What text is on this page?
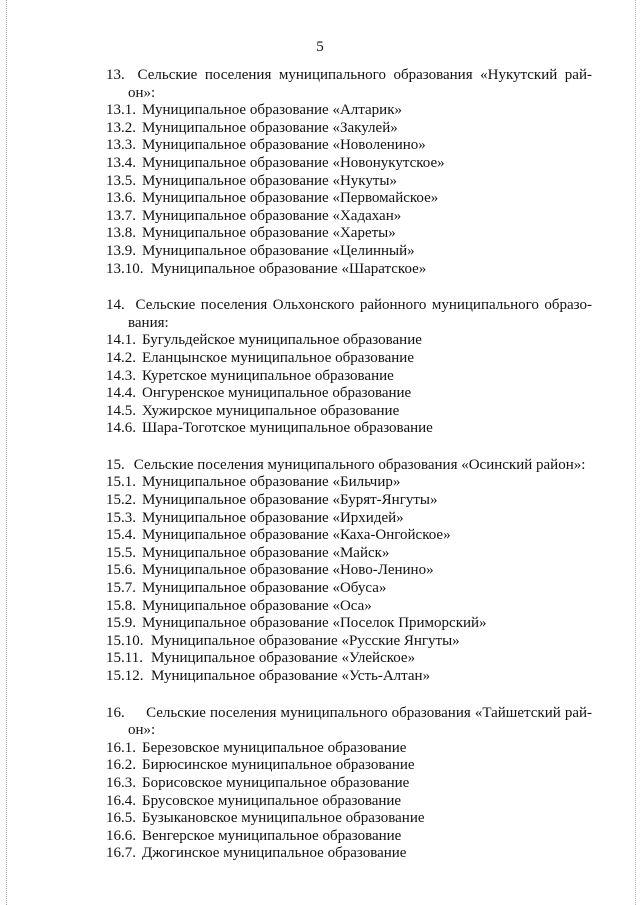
5
13. Сельские поселения муниципального образования «Нукутский рай-
он»:
13.1. Муниципальное образование «Алтарик»
13.2. Муниципальное образование «Закулей»
13.3. Муниципальное образование «Новоленино»
13.4. Муниципальное образование «Новонукутское»
13.5. Муниципальное образование «Нукуты»
13.6. Муниципальное образование «Первомайское»
13.7. Муниципальное образование «Хадахан»
13.8. Муниципальное образование «Хареты»
13.9. Муниципальное образование «Целинный»
13.10. Муниципальное образование «Шаратское»
14. Сельские поселения Ольхонского районного муниципального образо-
вания:
14.1. Бугульдейское муниципальное образование
14.2. Еланцынское муниципальное образование
14.3. Куретское муниципальное образование
14.4. Онгуренское муниципальное образование
14.5. Хужирское муниципальное образование
14.6. Шара-Тоготское муниципальное образование
15. Сельские поселения муниципального образования «Осинский район»:
15.1. Муниципальное образование «Бильчир»
15.2. Муниципальное образование «Бурят-Янгуты»
15.3. Муниципальное образование «Ирхидей»
15.4. Муниципальное образование «Каха-Онгойское»
15.5. Муниципальное образование «Майск»
15.6. Муниципальное образование «Ново-Ленино»
15.7. Муниципальное образование «Обуса»
15.8. Муниципальное образование «Оса»
15.9. Муниципальное образование «Поселок Приморский»
15.10. Муниципальное образование «Русские Янгуты»
15.11. Муниципальное образование «Улейское»
15.12. Муниципальное образование «Усть-Алтан»
16. Сельские поселения муниципального образования «Тайшетский рай-
он»:
16.1. Березовское муниципальное образование
16.2. Бирюсинское муниципальное образование
16.3. Борисовское муниципальное образование
16.4. Брусовское муниципальное образование
16.5. Бузыкановское муниципальное образование
16.6. Венгерское муниципальное образование
16.7. Джогинское муниципальное образование
